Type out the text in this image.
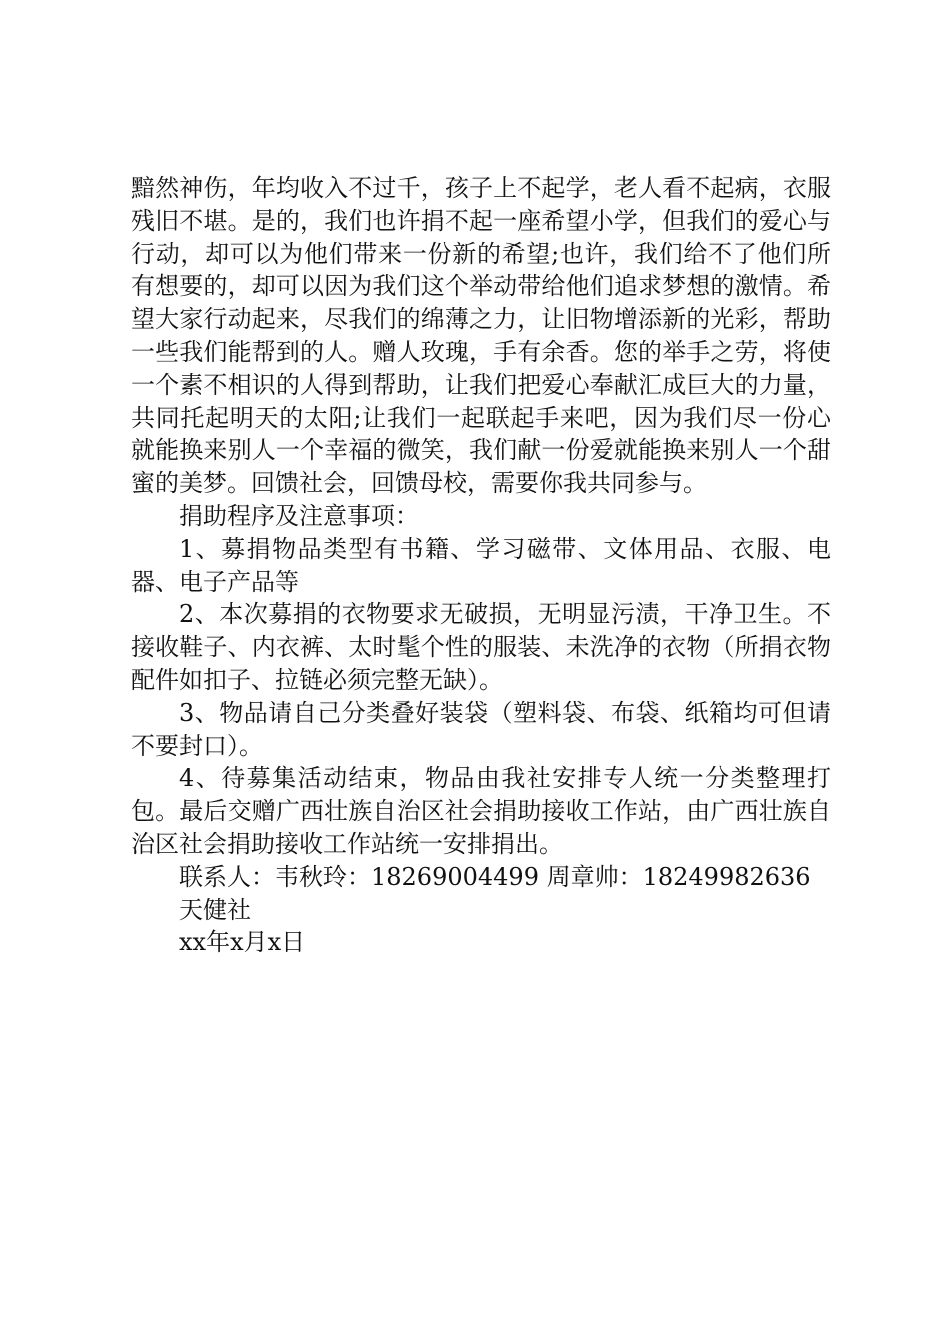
黯然神伤，年均收入不过千，孩子上不起学，老人看不起病，衣服残旧不堪。是的，我们也许捐不起一座希望小学，但我们的爱心与行动，却可以为他们带来一份新的希望;也许，我们给不了他们所有想要的，却可以因为我们这个举动带给他们追求梦想的激情。希望大家行动起来，尽我们的绵薄之力，让旧物增添新的光彩，帮助一些我们能帮到的人。赠人玫瑰，手有余香。您的举手之劳，将使一个素不相识的人得到帮助，让我们把爱心奉献汇成巨大的力量，共同托起明天的太阳;让我们一起联起手来吧，因为我们尽一份心就能换来别人一个幸福的微笑，我们献一份爱就能换来别人一个甜蜜的美梦。回馈社会，回馈母校，需要你我共同参与。

捐助程序及注意事项：

1、募捐物品类型有书籍、学习磁带、文体用品、衣服、电器、电子产品等

2、本次募捐的衣物要求无破损，无明显污渍，干净卫生。不接收鞋子、内衣裤、太时髦个性的服装、未洗净的衣物（所捐衣物配件如扣子、拉链必须完整无缺）。

3、物品请自己分类叠好装袋（塑料袋、布袋、纸箱均可但请不要封口）。

4、待募集活动结束，物品由我社安排专人统一分类整理打包。最后交赠广西壮族自治区社会捐助接收工作站，由广西壮族自治区社会捐助接收工作站统一安排捐出。

联系人：韦秋玲：18269004499 周章帅：18249982636

天健社

xx年x月x日
